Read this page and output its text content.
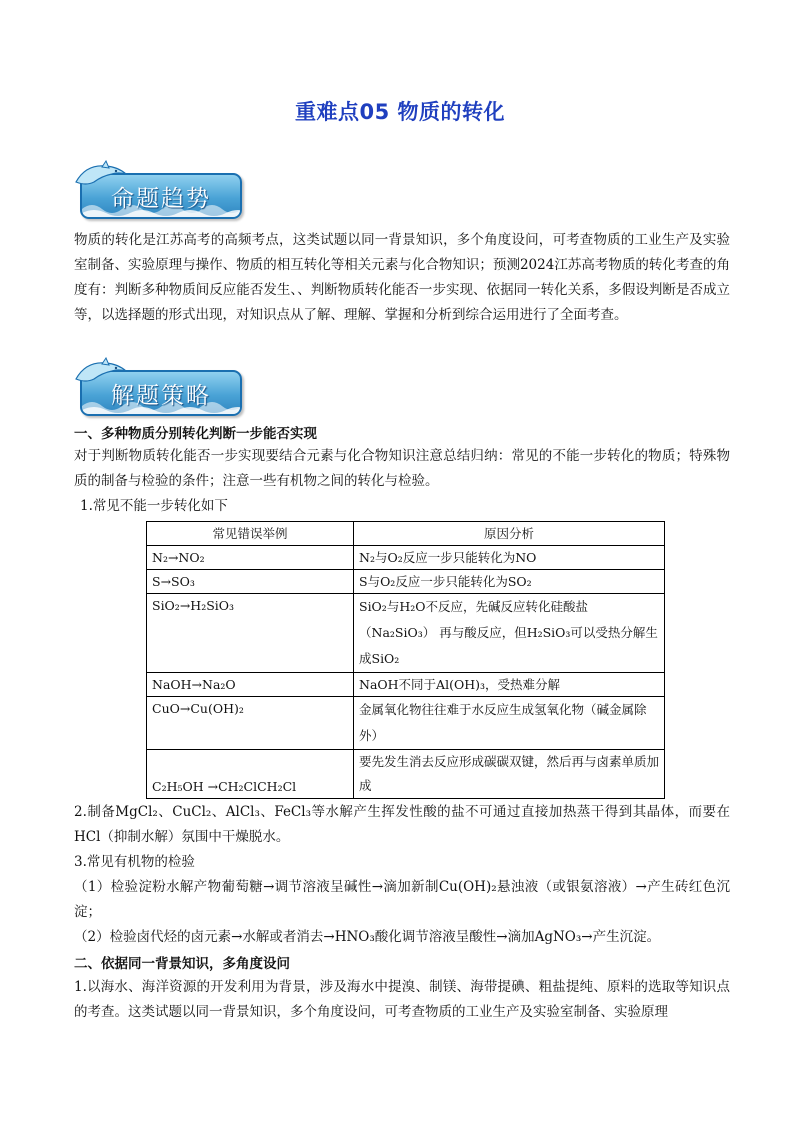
重难点05 物质的转化
命题趋势
物质的转化是江苏高考的高频考点，这类试题以同一背景知识，多个角度设问，可考查物质的工业生产及实验室制备、实验原理与操作、物质的相互转化等相关元素与化合物知识；预测2024江苏高考物质的转化考查的角度有：判断多种物质间反应能否发生、、判断物质转化能否一步实现、依据同一转化关系，多假设判断是否成立等，以选择题的形式出现，对知识点从了解、理解、掌握和分析到综合运用进行了全面考查。
解题策略
一、多种物质分别转化判断一步能否实现
对于判断物质转化能否一步实现要结合元素与化合物知识注意总结归纳：常见的不能一步转化的物质；特殊物质的制备与检验的条件；注意一些有机物之间的转化与检验。
1.常见不能一步转化如下
常见错误举例	原因分析
N₂→NO₂	N₂与O₂反应一步只能转化为NO
S→SO₃	S与O₂反应一步只能转化为SO₂
SiO₂→H₂SiO₃	SiO₂与H₂O不反应，先碱反应转化硅酸盐（Na₂SiO₃） 再与酸反应，但H₂SiO₃可以受热分解生成SiO₂
NaOH→Na₂O	NaOH不同于Al(OH)₃，受热难分解
CuO→Cu(OH)₂	金属氧化物往往难于水反应生成氢氧化物（碱金属除外）
C₂H₅OH →CH₂ClCH₂Cl	要先发生消去反应形成碳碳双键，然后再与卤素单质加成
2.制备MgCl₂、CuCl₂、AlCl₃、FeCl₃等水解产生挥发性酸的盐不可通过直接加热蒸干得到其晶体，而要在HCl（抑制水解）氛围中干燥脱水。
3.常见有机物的检验
（1）检验淀粉水解产物葡萄糖→调节溶液呈碱性→滴加新制Cu(OH)₂悬浊液（或银氨溶液）→产生砖红色沉淀；
（2）检验卤代烃的卤元素→水解或者消去→HNO₃酸化调节溶液呈酸性→滴加AgNO₃→产生沉淀。
二、依据同一背景知识，多角度设问
1.以海水、海洋资源的开发利用为背景，涉及海水中提溴、制镁、海带提碘、粗盐提纯、原料的选取等知识点的考查。这类试题以同一背景知识，多个角度设问，可考查物质的工业生产及实验室制备、实验原理
